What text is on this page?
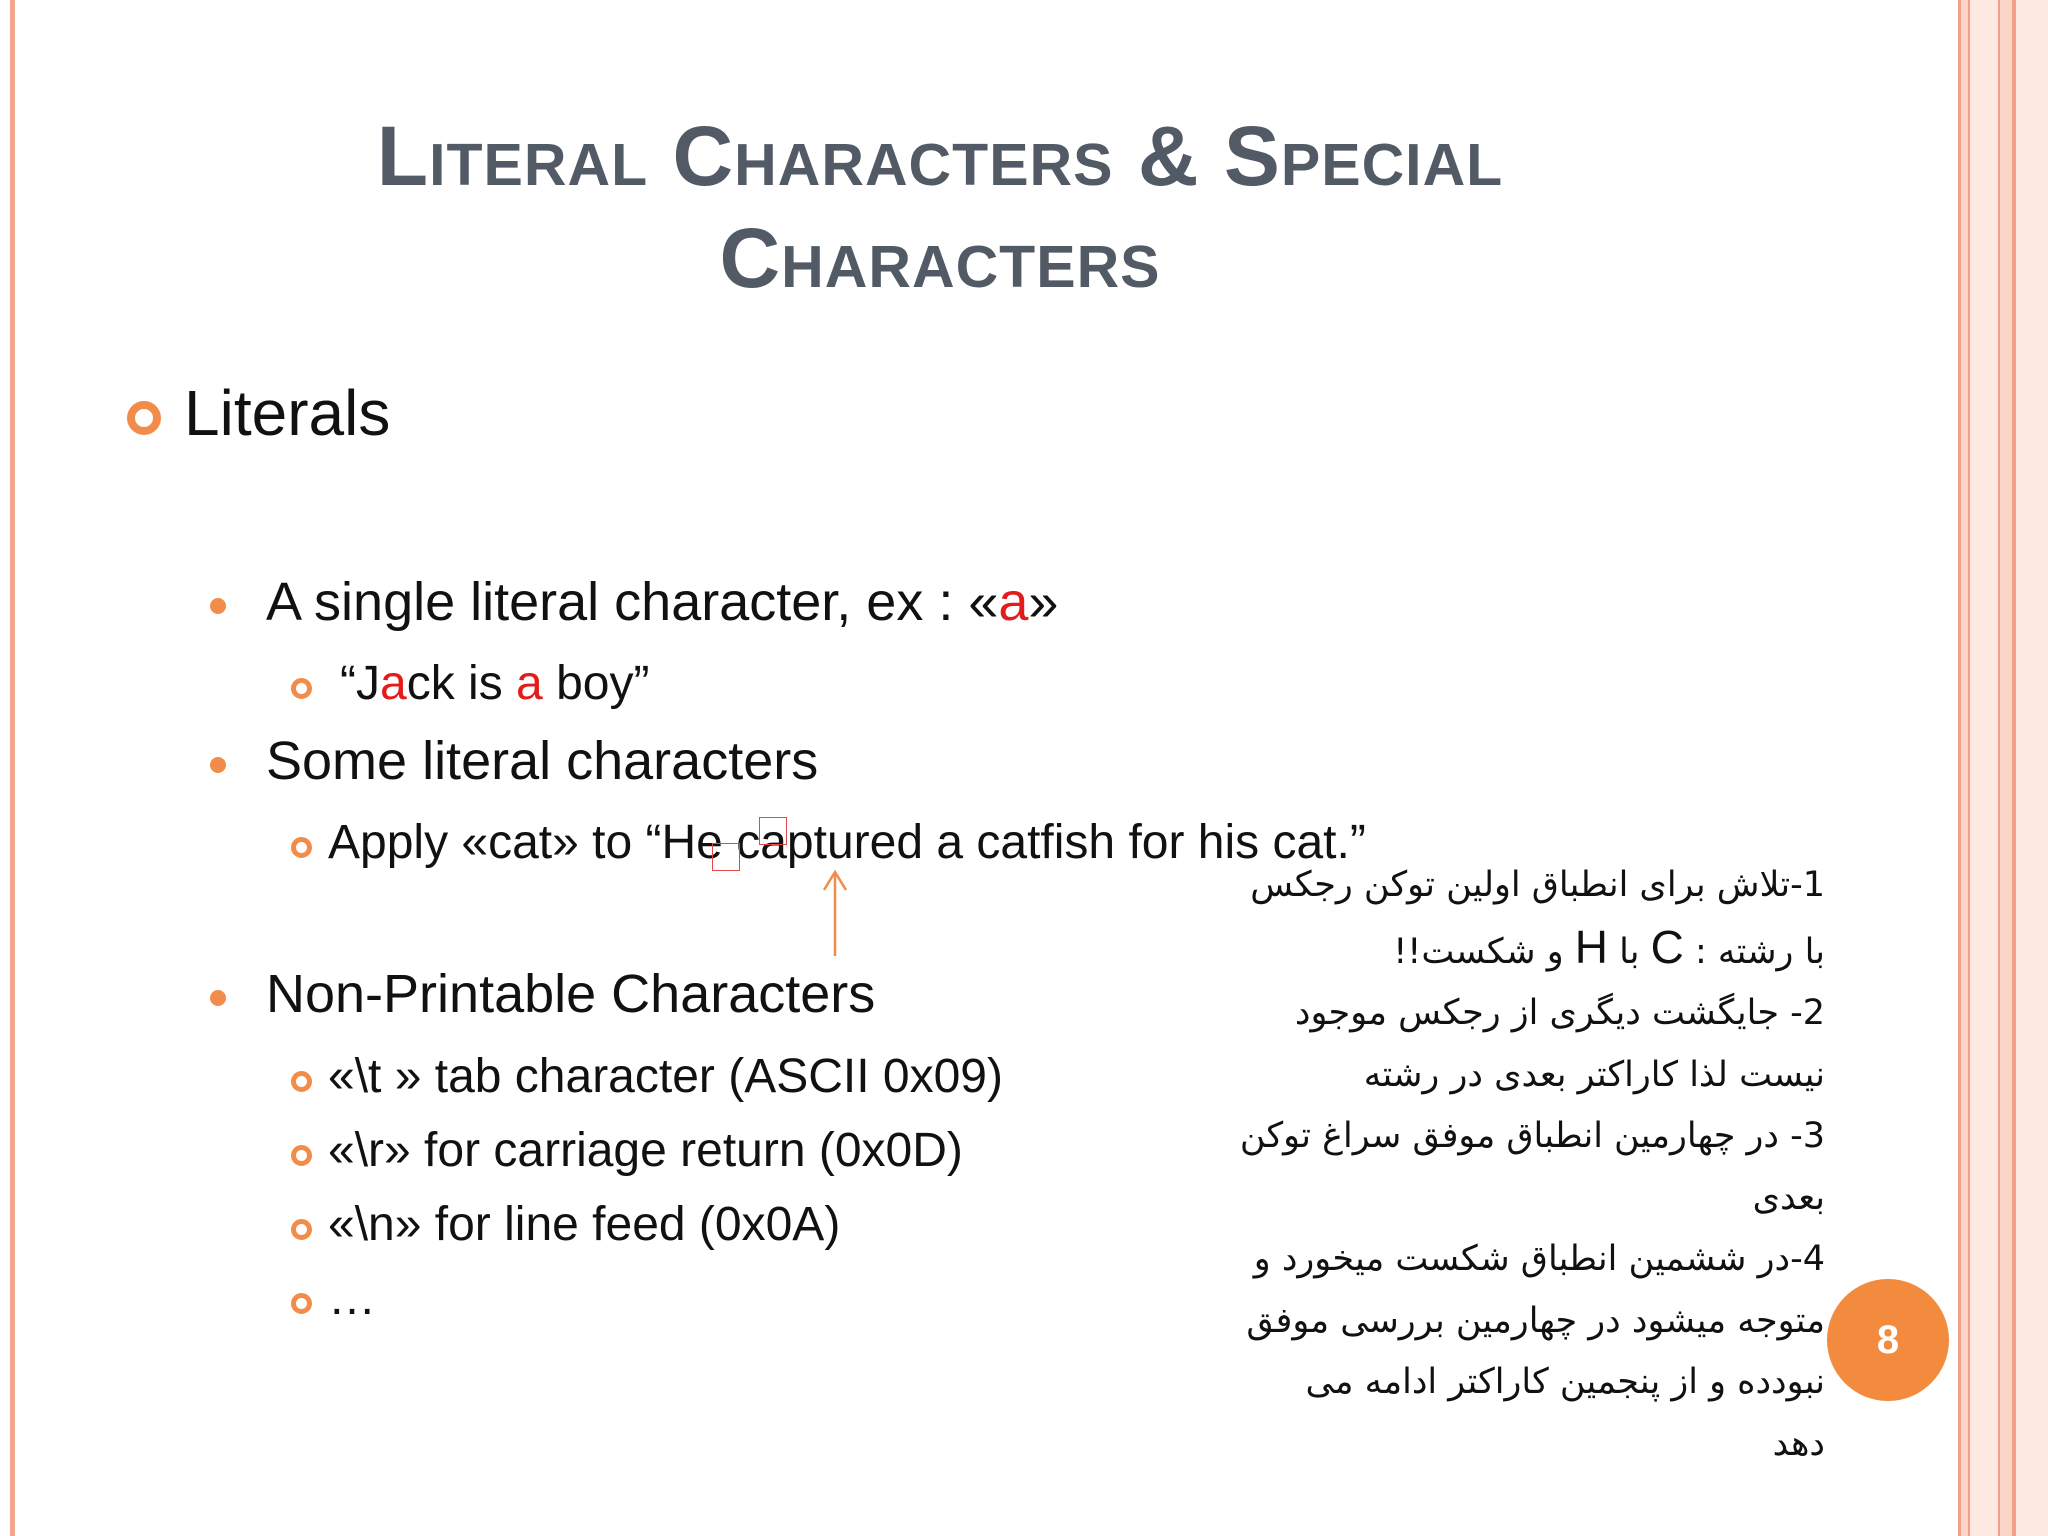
Literal Characters & Special
Characters
Literals
A single literal character, ex : «a»
“Jack is a boy”
Some literal characters
Apply «cat» to “He captured a catfish for his cat.”
Non-Printable Characters
«\t » tab character (ASCII 0x09)
«\r» for carriage return (0x0D)
«\n» for line feed (0x0A)
…
1-تلاش برای انطباق اولین توکن رجکس
با رشته : C با H و شکست!!
2- جایگشت دیگری از رجکس موجود
نیست لذا کاراکتر بعدی در رشته
3- در چهارمین انطباق موفق سراغ توکن
بعدی
4-در ششمین انطباق شکست میخورد و
متوجه میشود در چهارمین بررسی موفق
نبودده و از پنجمین کاراکتر ادامه می
دهد
8
